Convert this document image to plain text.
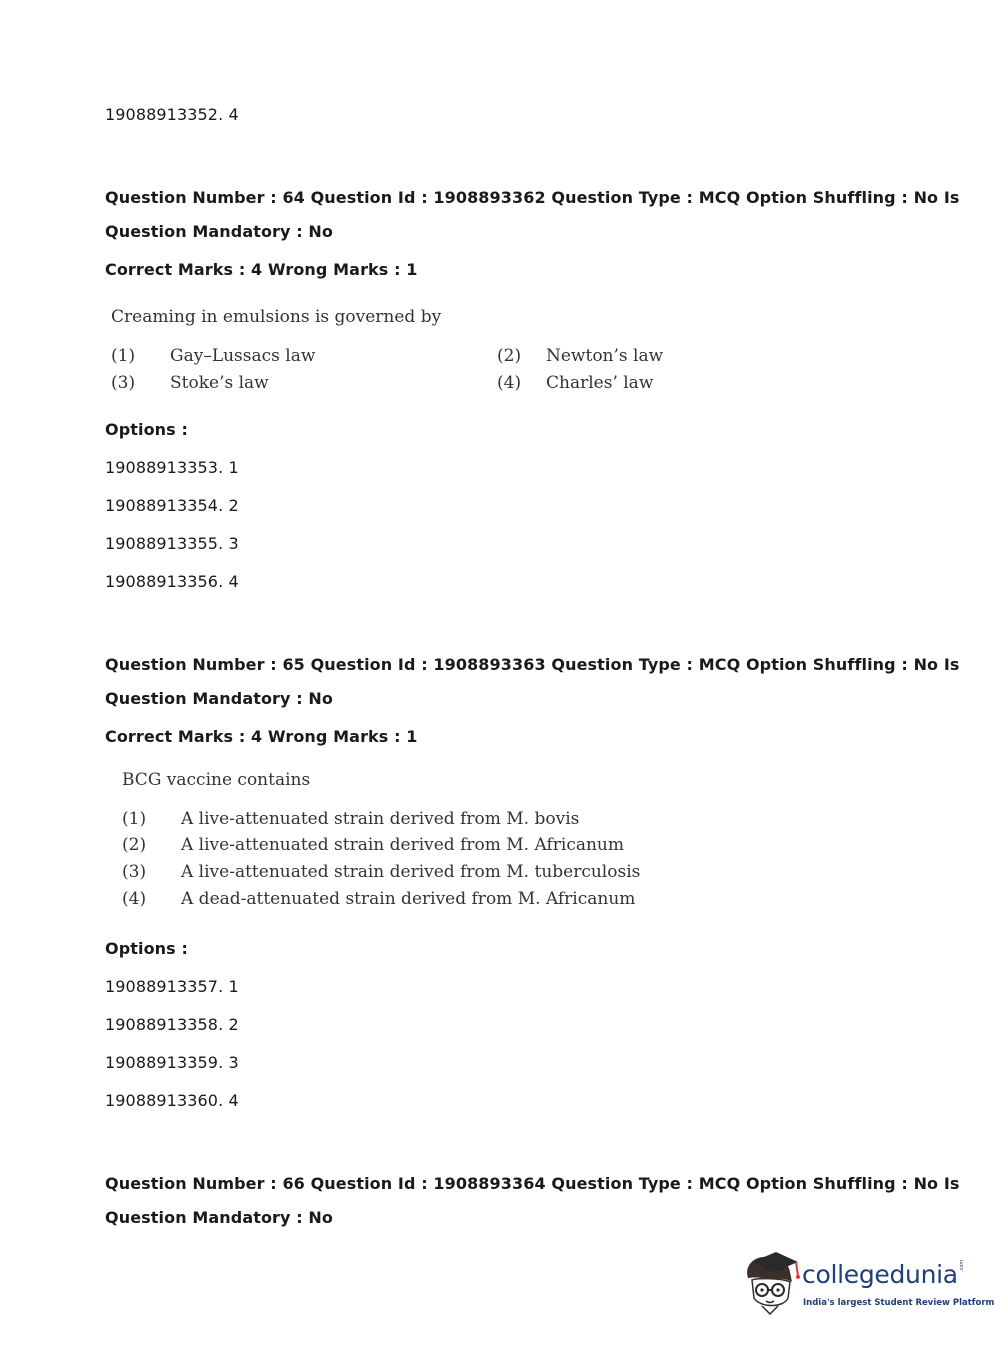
19088913352. 4
Question Number : 64 Question Id : 1908893362 Question Type : MCQ Option Shuffling : No Is
Question Mandatory : No
Correct Marks : 4 Wrong Marks : 1
Creaming in emulsions is governed by
(1) Gay–Lussacs law	(2) Newton’s law
(3) Stoke’s law	(4) Charles’ law
Options :
19088913353. 1
19088913354. 2
19088913355. 3
19088913356. 4
Question Number : 65 Question Id : 1908893363 Question Type : MCQ Option Shuffling : No Is
Question Mandatory : No
Correct Marks : 4 Wrong Marks : 1
BCG vaccine contains
(1) A live-attenuated strain derived from M. bovis
(2) A live-attenuated strain derived from M. Africanum
(3) A live-attenuated strain derived from M. tuberculosis
(4) A dead-attenuated strain derived from M. Africanum
Options :
19088913357. 1
19088913358. 2
19088913359. 3
19088913360. 4
Question Number : 66 Question Id : 1908893364 Question Type : MCQ Option Shuffling : No Is
Question Mandatory : No
collegedunia .com
India's largest Student Review Platform
